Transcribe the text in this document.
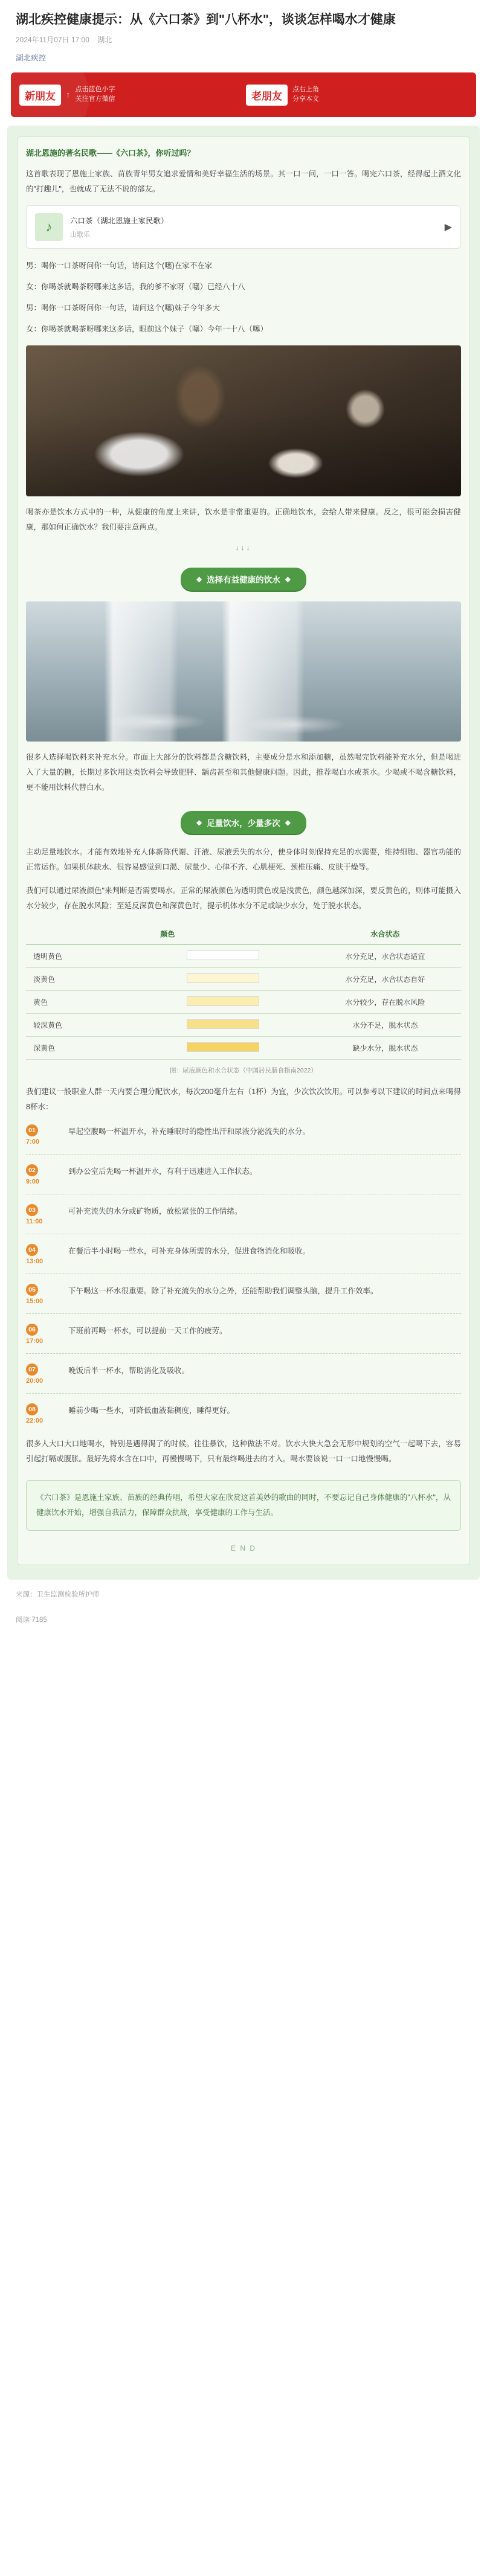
湖北疾控健康提示：从《六口茶》到"八杯水"，谈谈怎样喝水才健康
2024年11月07日 17:00 湖北
湖北疾控
新朋友	↑
点击蓝色小字
关注官方微信	老朋友
点右上角
分享本文
湖北恩施的著名民歌——《六口茶》，你听过吗？

这首歌表现了恩施土家族、苗族青年男女追求爱情和美好幸福生活的场景。其一口一问，一口一答。喝完六口茶，经得起土酒文化的"打趣儿"，也就成了无法不说的部友。

♪	六口茶（湖北恩施土家民歌）
山歌乐
▶

男：喝你一口茶呀问你一句话，请问这个(噻)在家不在家

女：你喝茶就喝茶呀哪来这多话，我的爹不家呀（噻）已经八十八

男：喝你一口茶呀问你一句话，请问这个(噻)妹子今年多大

女：你喝茶就喝茶呀哪来这多话，眼前这个妹子（噻）今年一十八（噻）

喝茶亦是饮水方式中的一种，从健康的角度上来讲，饮水是非常重要的。正确地饮水，会给人带来健康。反之，很可能会损害健康，那如何正确饮水？我们要注意两点。

↓↓↓
◆ 选择有益健康的饮水 ◆

很多人选择喝饮料来补充水分。市面上大部分的饮料都是含糖饮料，主要成分是水和添加糖，虽然喝完饮料能补充水分，但是喝进入了大量的糖，长期过多饮用这类饮料会导致肥胖、龋齿甚至和其他健康问题。因此，推荐喝白水或茶水。少喝或不喝含糖饮料，更不能用饮料代替白水。

◆ 足量饮水，少量多次 ◆

主动足量地饮水。才能有效地补充人体新陈代谢、汗液、尿液丢失的水分，使身体时刻保持充足的水需要，维持细胞、器官功能的正常运作。如果机体缺水、很容易感觉到口渴、尿量少、心律不齐、心肌梗死、颈椎压痛、皮肤干燥等。

我们可以通过尿液颜色"来判断是否需要喝水。正常的尿液颜色为透明黄色或是浅黄色，颜色越深加深，要反黄色的，则体可能摄入水分较少，存在脱水风险；至延反深黄色和深黄色时，提示机体水分不足或缺少水分，处于脱水状态。

颜色		水合状态
透明黄色		水分充足，水合状态适宜
淡黄色		水分充足，水合状态自好
黄色		水分较少，存在脱水风险
较深黄色		水分不足，脱水状态
深黄色		缺少水分，脱水状态
图：尿液颜色和水合状态（中国居民膳食指南2022）

我们建议一般职业人群一天内要合理分配饮水，每次200毫升左右（1杯）为宜，少次饮次饮用。可以参考以下建议的时间点来喝得8杯水：

01
7:00
早起空腹喝一杯温开水，补充睡眠时的隐性出汗和尿液分泌流失的水分。
02
9:00
到办公室后先喝一杯温开水，有利于迅速进入工作状态。
03
11:00
可补充流失的水分或矿物质，放松紧张的工作情绪。
04
13:00
在餐后半小时喝一些水，可补充身体所需的水分，促进食物消化和吸收。
05
15:00
下午喝这一杯水很重要。除了补充流失的水分之外，还能帮助我们调整头脑，提升工作效率。
06
17:00
下班前再喝一杯水，可以提前一天工作的疲劳。
07
20:00
晚饭后半一杯水，帮助消化及吸收。
08
22:00
睡前少喝一些水，可降低血液黏稠度，睡得更好。

很多人大口大口地喝水，特别是遇得渴了的时候。往往暴饮，这种做法不对。饮水大快大急会无形中规划的空气一起喝下去，容易引起打嗝或腹胀。最好先将水含在口中，再慢慢喝下，只有最终喝进去的才入。喝水要该说一口一口地慢慢喝。

《六口茶》是恩施土家族、苗族的经典传唱，希望大家在欣赏这首美妙的歌曲的同时，不要忘记自己身体健康的"八杯水"，从健康饮水开始，增强自我活力，保障群众抗战，享受健康的工作与生活。
E N D
来源：卫生监测检验所护师
阅读 7185
